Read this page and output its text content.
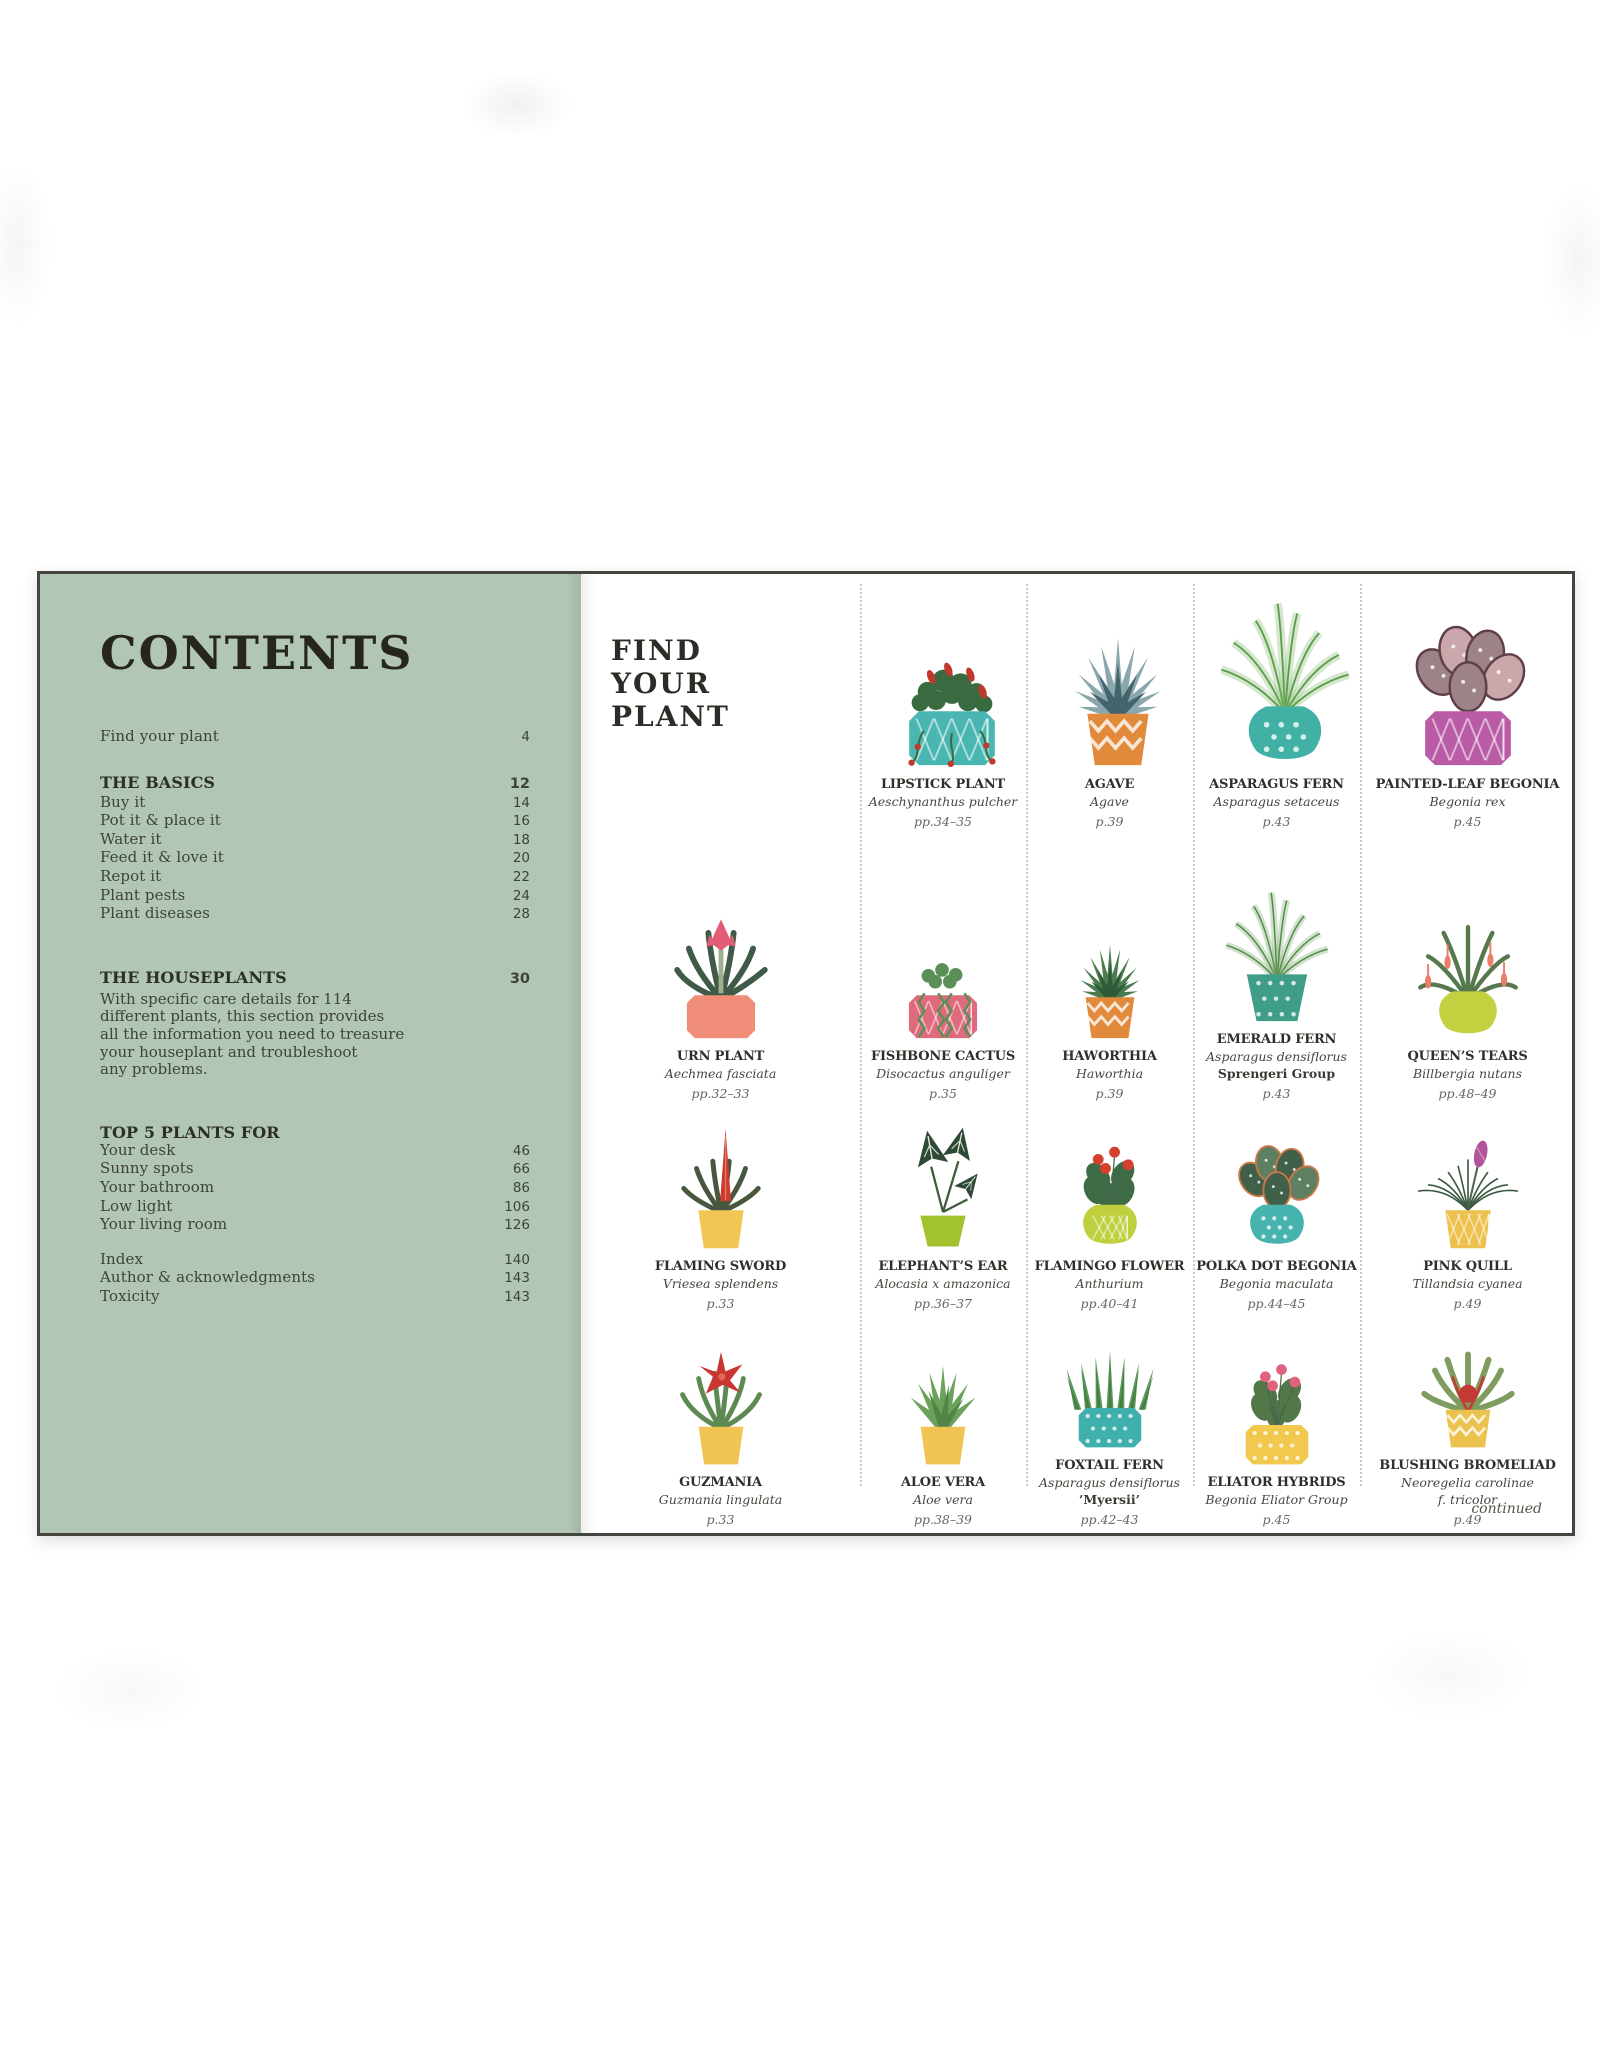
CONTENTS
Find your plant	4
THE BASICS	12
Buy it	14
Pot it & place it	16
Water it	18
Feed it & love it	20
Repot it	22
Plant pests	24
Plant diseases	28
THE HOUSEPLANTS	30
With specific care details for 114
different plants, this section provides
all the information you need to treasure
your houseplant and troubleshoot
any problems.
TOP 5 PLANTS FOR
Your desk	46
Sunny spots	66
Your bathroom	86
Low light	106
Your living room	126
Index	140
Author & acknowledgments	143
Toxicity	143
FIND
YOUR
PLANT
LIPSTICK PLANT
Aeschynanthus pulcher
pp.34–35
AGAVE
Agave
p.39
ASPARAGUS FERN
Asparagus setaceus
p.43
PAINTED-LEAF BEGONIA
Begonia rex
p.45
URN PLANT
Aechmea fasciata
pp.32–33
FISHBONE CACTUS
Disocactus anguliger
p.35
HAWORTHIA
Haworthia
p.39
EMERALD FERN
Asparagus densiflorus
Sprengeri Group
p.43
QUEEN’S TEARS
Billbergia nutans
pp.48–49
FLAMING SWORD
Vriesea splendens
p.33
ELEPHANT’S EAR
Alocasia x amazonica
pp.36–37
FLAMINGO FLOWER
Anthurium
pp.40–41
POLKA DOT BEGONIA
Begonia maculata
pp.44–45
PINK QUILL
Tillandsia cyanea
p.49
GUZMANIA
Guzmania lingulata
p.33
ALOE VERA
Aloe vera
pp.38–39
FOXTAIL FERN
Asparagus densiflorus
’Myersii’
pp.42–43
ELIATOR HYBRIDS
Begonia Eliator Group
p.45
BLUSHING BROMELIAD
Neoregelia carolinae
f. tricolor
p.49
continued
